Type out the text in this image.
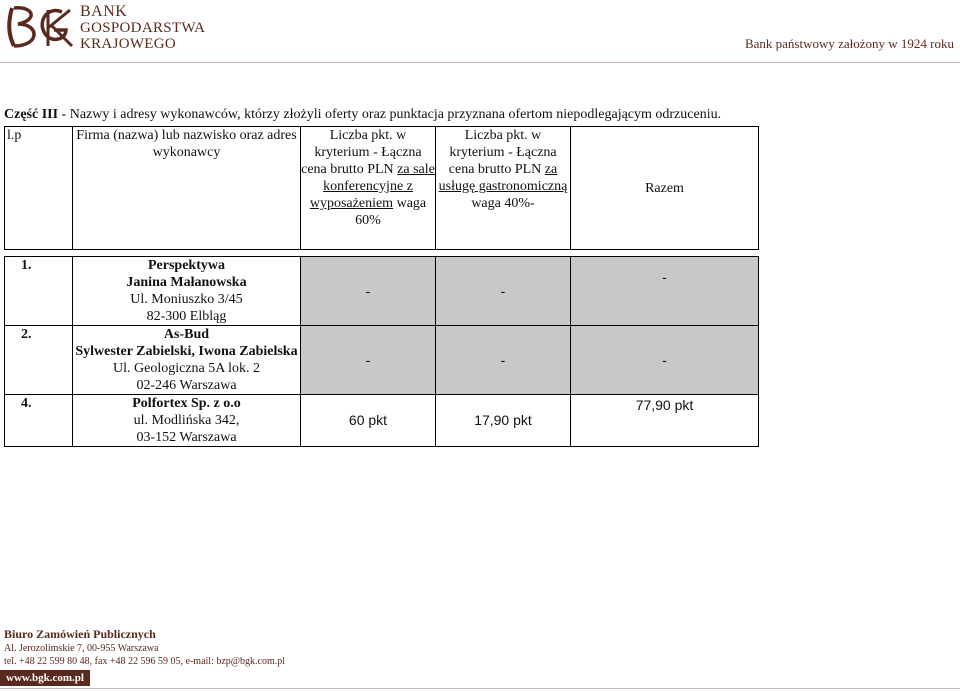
BANK
GOSPODARSTWA
KRAJOWEGO	Bank państwowy założony w 1924 roku
Część III - Nazwy i adresy wykonawców, którzy złożyli oferty oraz punktacja przyznana ofertom niepodlegającym odrzuceniu.
l.p	Firma (nazwa) lub nazwisko oraz adres wykonawcy	Liczba pkt. w kryterium - Łączna cena brutto PLN za sale konferencyjne z wyposażeniem waga 60%	Liczba pkt. w kryterium - Łączna cena brutto PLN za usługę gastronomiczną waga 40%-	Razem

1.	Perspektywa
Janina Małanowska
Ul. Moniuszko 3/45
82-300 Elbląg	-	-	-
2.	As-Bud
Sylwester Zabielski, Iwona Zabielska
Ul. Geologiczna 5A lok. 2
02-246 Warszawa	-	-	-
4.	Polfortex Sp. z o.o
ul. Modlińska 342,
03-152 Warszawa	60 pkt	17,90 pkt	77,90 pkt
Biuro Zamówień Publicznych
Al. Jerozolimskie 7, 00-955 Warszawa
tel. +48 22 599 80 48, fax +48 22 596 59 05, e-mail: bzp@bgk.com.pl
www.bgk.com.pl
